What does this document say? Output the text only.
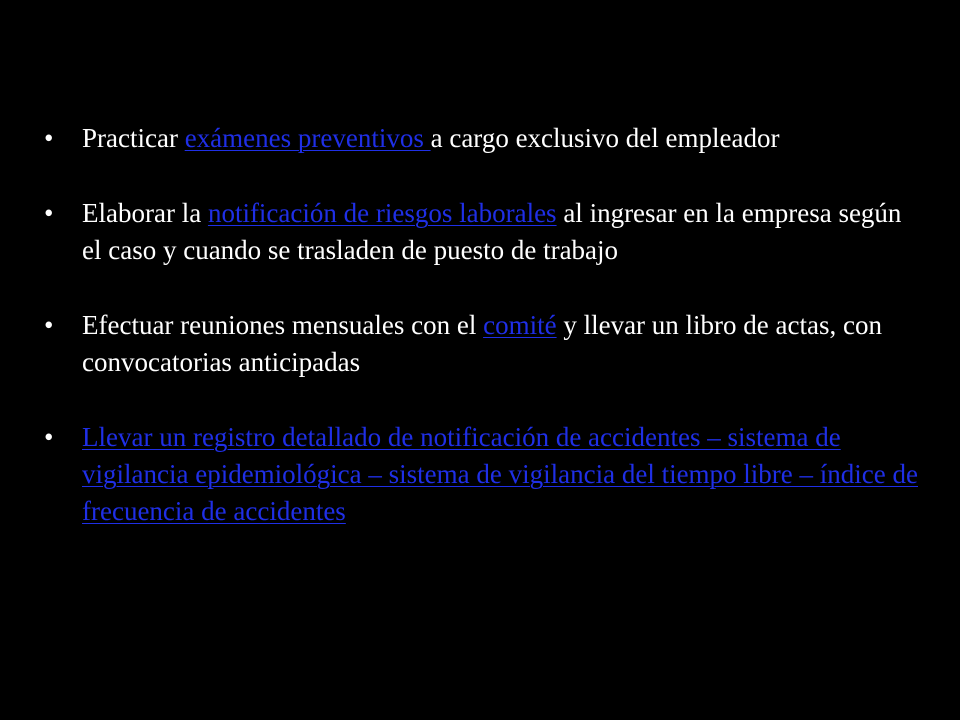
• Practicar exámenes preventivos a cargo exclusivo del empleador
• Elaborar la notificación de riesgos laborales al ingresar en la empresa según el caso y cuando se trasladen de puesto de trabajo
• Efectuar reuniones mensuales con el comité y llevar un libro de actas, con convocatorias anticipadas
• Llevar un registro detallado de notificación de accidentes – sistema de vigilancia epidemiológica – sistema de vigilancia del tiempo libre – índice de frecuencia de accidentes
